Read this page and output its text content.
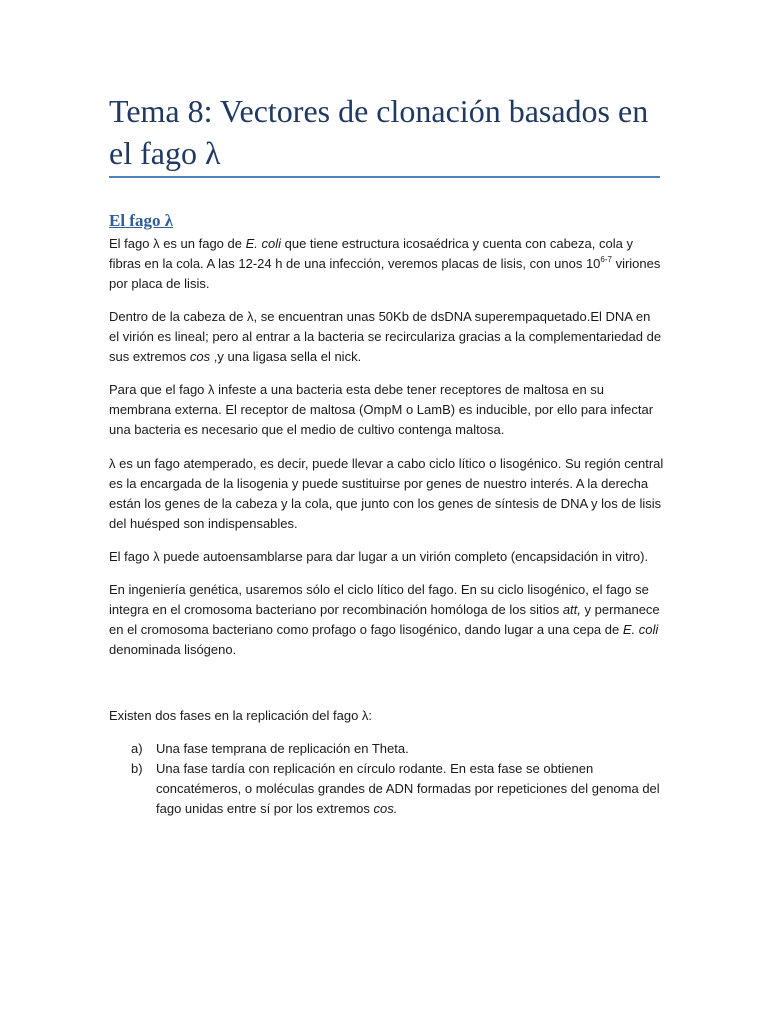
Tema 8: Vectores de clonación basados en el fago λ
El fago λ

El fago λ es un fago de E. coli que tiene estructura icosaédrica y cuenta con cabeza, cola y fibras en la cola. A las 12-24 h de una infección, veremos placas de lisis, con unos 10$^{6-7}$ viriones por placa de lisis.

Dentro de la cabeza de λ, se encuentran unas 50Kb de dsDNA superempaquetado.El DNA en el virión es lineal; pero al entrar a la bacteria se recirculariza gracias a la complementariedad de sus extremos cos ,y una ligasa sella el nick.

Para que el fago λ infeste a una bacteria esta debe tener receptores de maltosa en su membrana externa. El receptor de maltosa (OmpM o LamB) es inducible, por ello para infectar una bacteria es necesario que el medio de cultivo contenga maltosa.

λ es un fago atemperado, es decir, puede llevar a cabo ciclo lítico o lisogénico. Su región central es la encargada de la lisogenia y puede sustituirse por genes de nuestro interés. A la derecha están los genes de la cabeza y la cola, que junto con los genes de síntesis de DNA y los de lisis del huésped son indispensables.

El fago λ puede autoensamblarse para dar lugar a un virión completo (encapsidación in vitro).

En ingeniería genética, usaremos sólo el ciclo lítico del fago. En su ciclo lisogénico, el fago se integra en el cromosoma bacteriano por recombinación homóloga de los sitios att, y permanece en el cromosoma bacteriano como profago o fago lisogénico, dando lugar a una cepa de E. coli denominada lisógeno.

Existen dos fases en la replicación del fago λ:

a) Una fase temprana de replicación en Theta.
b) Una fase tardía con replicación en círculo rodante. En esta fase se obtienen concatémeros, o moléculas grandes de ADN formadas por repeticiones del genoma del fago unidas entre sí por los extremos cos.
